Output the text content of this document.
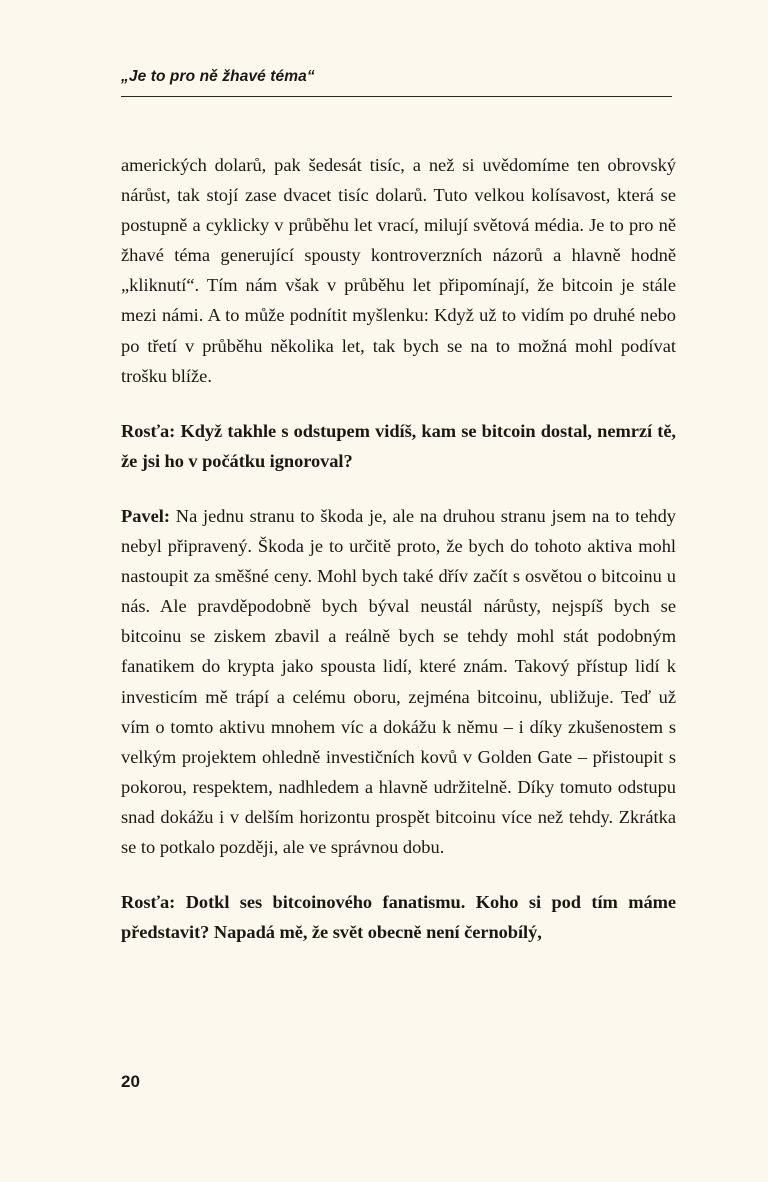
„Je to pro ně žhavé téma“

amerických dolarů, pak šedesát tisíc, a než si uvědomíme ten obrovský nárůst, tak stojí zase dvacet tisíc dolarů. Tuto velkou kolísavost, která se postupně a cyklicky v průběhu let vrací, milují světová média. Je to pro ně žhavé téma generující spousty kontroverzních názorů a hlavně hodně „kliknutí“. Tím nám však v průběhu let připomínají, že bitcoin je stále mezi námi. A to může podnítit myšlenku: Když už to vidím po druhé nebo po třetí v průběhu několika let, tak bych se na to možná mohl podívat trošku blíže.

Rosťa: Když takhle s odstupem vidíš, kam se bitcoin dostal, nemrzí tě, že jsi ho v počátku ignoroval?

Pavel: Na jednu stranu to škoda je, ale na druhou stranu jsem na to tehdy nebyl připravený. Škoda je to určitě proto, že bych do tohoto aktiva mohl nastoupit za směšné ceny. Mohl bych také dřív začít s osvětou o bitcoinu u nás. Ale pravděpodobně bych býval neustál nárůsty, nejspíš bych se bitcoinu se ziskem zbavil a reálně bych se tehdy mohl stát podobným fanatikem do krypta jako spousta lidí, které znám. Takový přístup lidí k investicím mě trápí a celému oboru, zejména bitcoinu, ubližuje. Teď už vím o tomto aktivu mnohem víc a dokážu k němu – i díky zkušenostem s velkým projektem ohledně investičních kovů v Golden Gate – přistoupit s pokorou, respektem, nadhledem a hlavně udržitelně. Díky tomuto odstupu snad dokážu i v delším horizontu prospět bitcoinu více než tehdy. Zkrátka se to potkalo později, ale ve správnou dobu.

Rosťa: Dotkl ses bitcoinového fanatismu. Koho si pod tím máme představit? Napadá mě, že svět obecně není černobílý,

20
